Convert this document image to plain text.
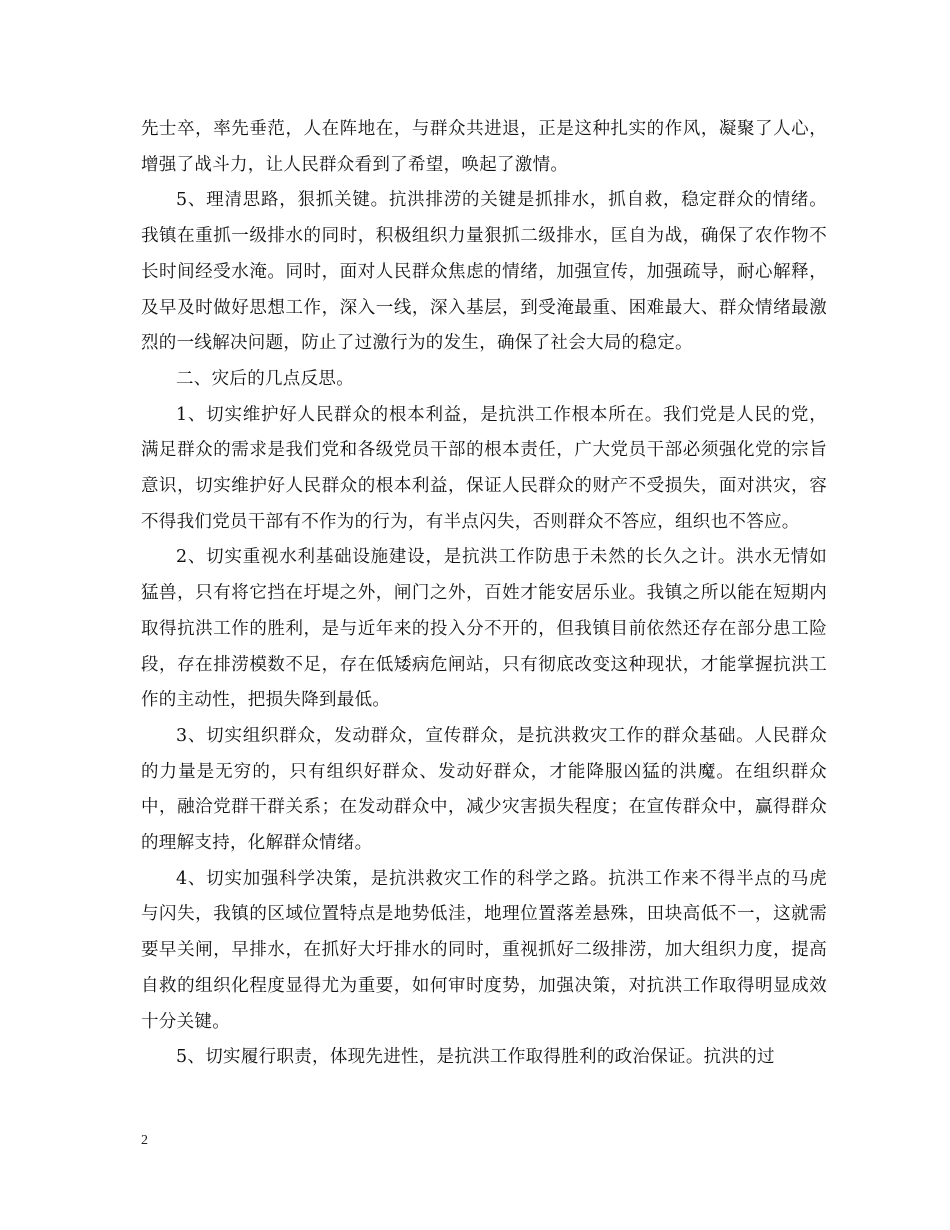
先士卒，率先垂范，人在阵地在，与群众共进退，正是这种扎实的作风，凝聚了人心，增强了战斗力，让人民群众看到了希望，唤起了激情。

5、理清思路，狠抓关键。抗洪排涝的关键是抓排水，抓自救，稳定群众的情绪。我镇在重抓一级排水的同时，积极组织力量狠抓二级排水，匡自为战，确保了农作物不长时间经受水淹。同时，面对人民群众焦虑的情绪，加强宣传，加强疏导，耐心解释，及早及时做好思想工作，深入一线，深入基层，到受淹最重、困难最大、群众情绪最激烈的一线解决问题，防止了过激行为的发生，确保了社会大局的稳定。

二、灾后的几点反思。

1、切实维护好人民群众的根本利益，是抗洪工作根本所在。我们党是人民的党，满足群众的需求是我们党和各级党员干部的根本责任，广大党员干部必须强化党的宗旨意识，切实维护好人民群众的根本利益，保证人民群众的财产不受损失，面对洪灾，容不得我们党员干部有不作为的行为，有半点闪失，否则群众不答应，组织也不答应。

2、切实重视水利基础设施建设，是抗洪工作防患于未然的长久之计。洪水无情如猛兽，只有将它挡在圩堤之外，闸门之外，百姓才能安居乐业。我镇之所以能在短期内取得抗洪工作的胜利，是与近年来的投入分不开的，但我镇目前依然还存在部分患工险段，存在排涝模数不足，存在低矮病危闸站，只有彻底改变这种现状，才能掌握抗洪工作的主动性，把损失降到最低。

3、切实组织群众，发动群众，宣传群众，是抗洪救灾工作的群众基础。人民群众的力量是无穷的，只有组织好群众、发动好群众，才能降服凶猛的洪魔。在组织群众中，融洽党群干群关系；在发动群众中，减少灾害损失程度；在宣传群众中，赢得群众的理解支持，化解群众情绪。

4、切实加强科学决策，是抗洪救灾工作的科学之路。抗洪工作来不得半点的马虎与闪失，我镇的区域位置特点是地势低洼，地理位置落差悬殊，田块高低不一，这就需要早关闸，早排水，在抓好大圩排水的同时，重视抓好二级排涝，加大组织力度，提高自救的组织化程度显得尤为重要，如何审时度势，加强决策，对抗洪工作取得明显成效十分关键。

5、切实履行职责，体现先进性，是抗洪工作取得胜利的政治保证。抗洪的过

2
